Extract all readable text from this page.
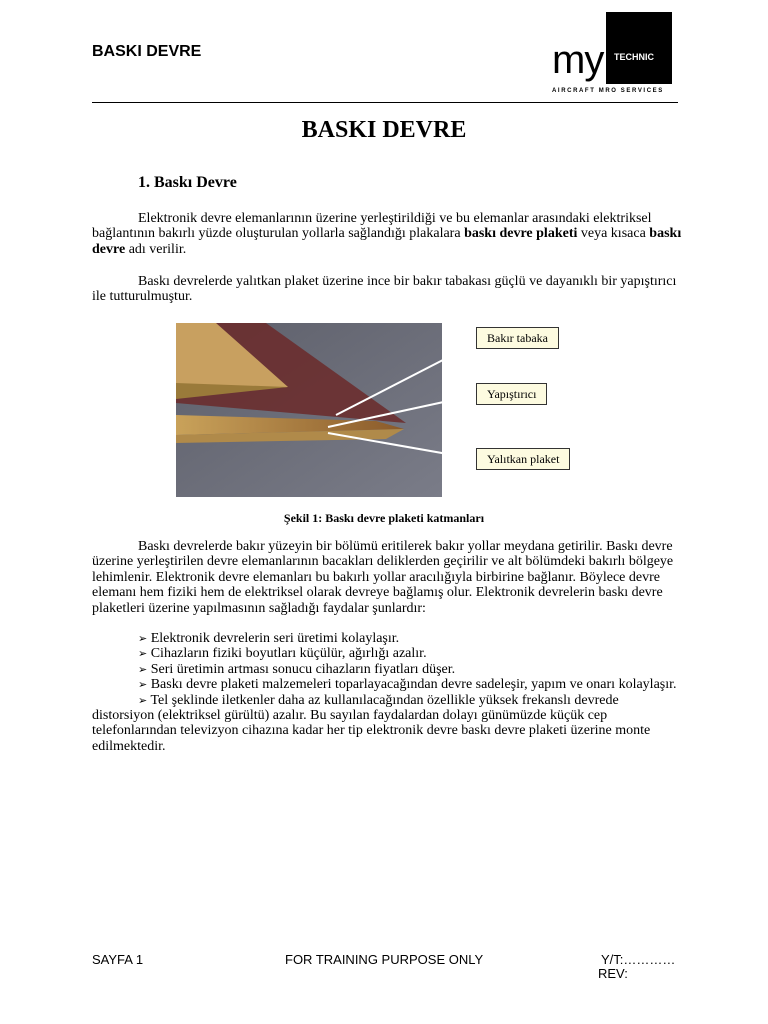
BASKI DEVRE	TECHNIC
my
AIRCRAFT MRO SERVICES
BASKI DEVRE
1. Baskı Devre

Elektronik devre elemanlarının üzerine yerleştirildiği ve bu elemanlar arasındaki elektriksel bağlantının bakırlı yüzde oluşturulan yollarla sağlandığı plakalara baskı devre plaketi veya kısaca baskı devre adı verilir.

Baskı devrelerde yalıtkan plaket üzerine ince bir bakır tabakası güçlü ve dayanıklı bir yapıştırıcı ile tutturulmuştur.

Bakır tabaka
Yapıştırıcı
Yalıtkan plaket
Şekil 1: Baskı devre plaketi katmanları

Baskı devrelerde bakır yüzeyin bir bölümü eritilerek bakır yollar meydana getirilir. Baskı devre üzerine yerleştirilen devre elemanlarının bacakları deliklerden geçirilir ve alt bölümdeki bakırlı bölgeye lehimlenir. Elektronik devre elemanları bu bakırlı yollar aracılığıyla birbirine bağlanır. Böylece devre elemanı hem fiziki hem de elektriksel olarak devreye bağlamış olur. Elektronik devrelerin baskı devre plaketleri üzerine yapılmasının sağladığı faydalar şunlardır:

➢ Elektronik devrelerin seri üretimi kolaylaşır.

➢ Cihazların fiziki boyutları küçülür, ağırlığı azalır.

➢ Seri üretimin artması sonucu cihazların fiyatları düşer.

➢ Baskı devre plaketi malzemeleri toparlayacağından devre sadeleşir, yapım ve onarı kolaylaşır.

➢ Tel şeklinde iletkenler daha az kullanılacağından özellikle yüksek frekanslı devrede distorsiyon (elektriksel gürültü) azalır. Bu sayılan faydalardan dolayı günümüzde küçük cep telefonlarından televizyon cihazına kadar her tip elektronik devre baskı devre plaketi üzerine monte edilmektedir.

SAYFA 1	FOR TRAINING PURPOSE ONLY	Y/T:…………
REV:
